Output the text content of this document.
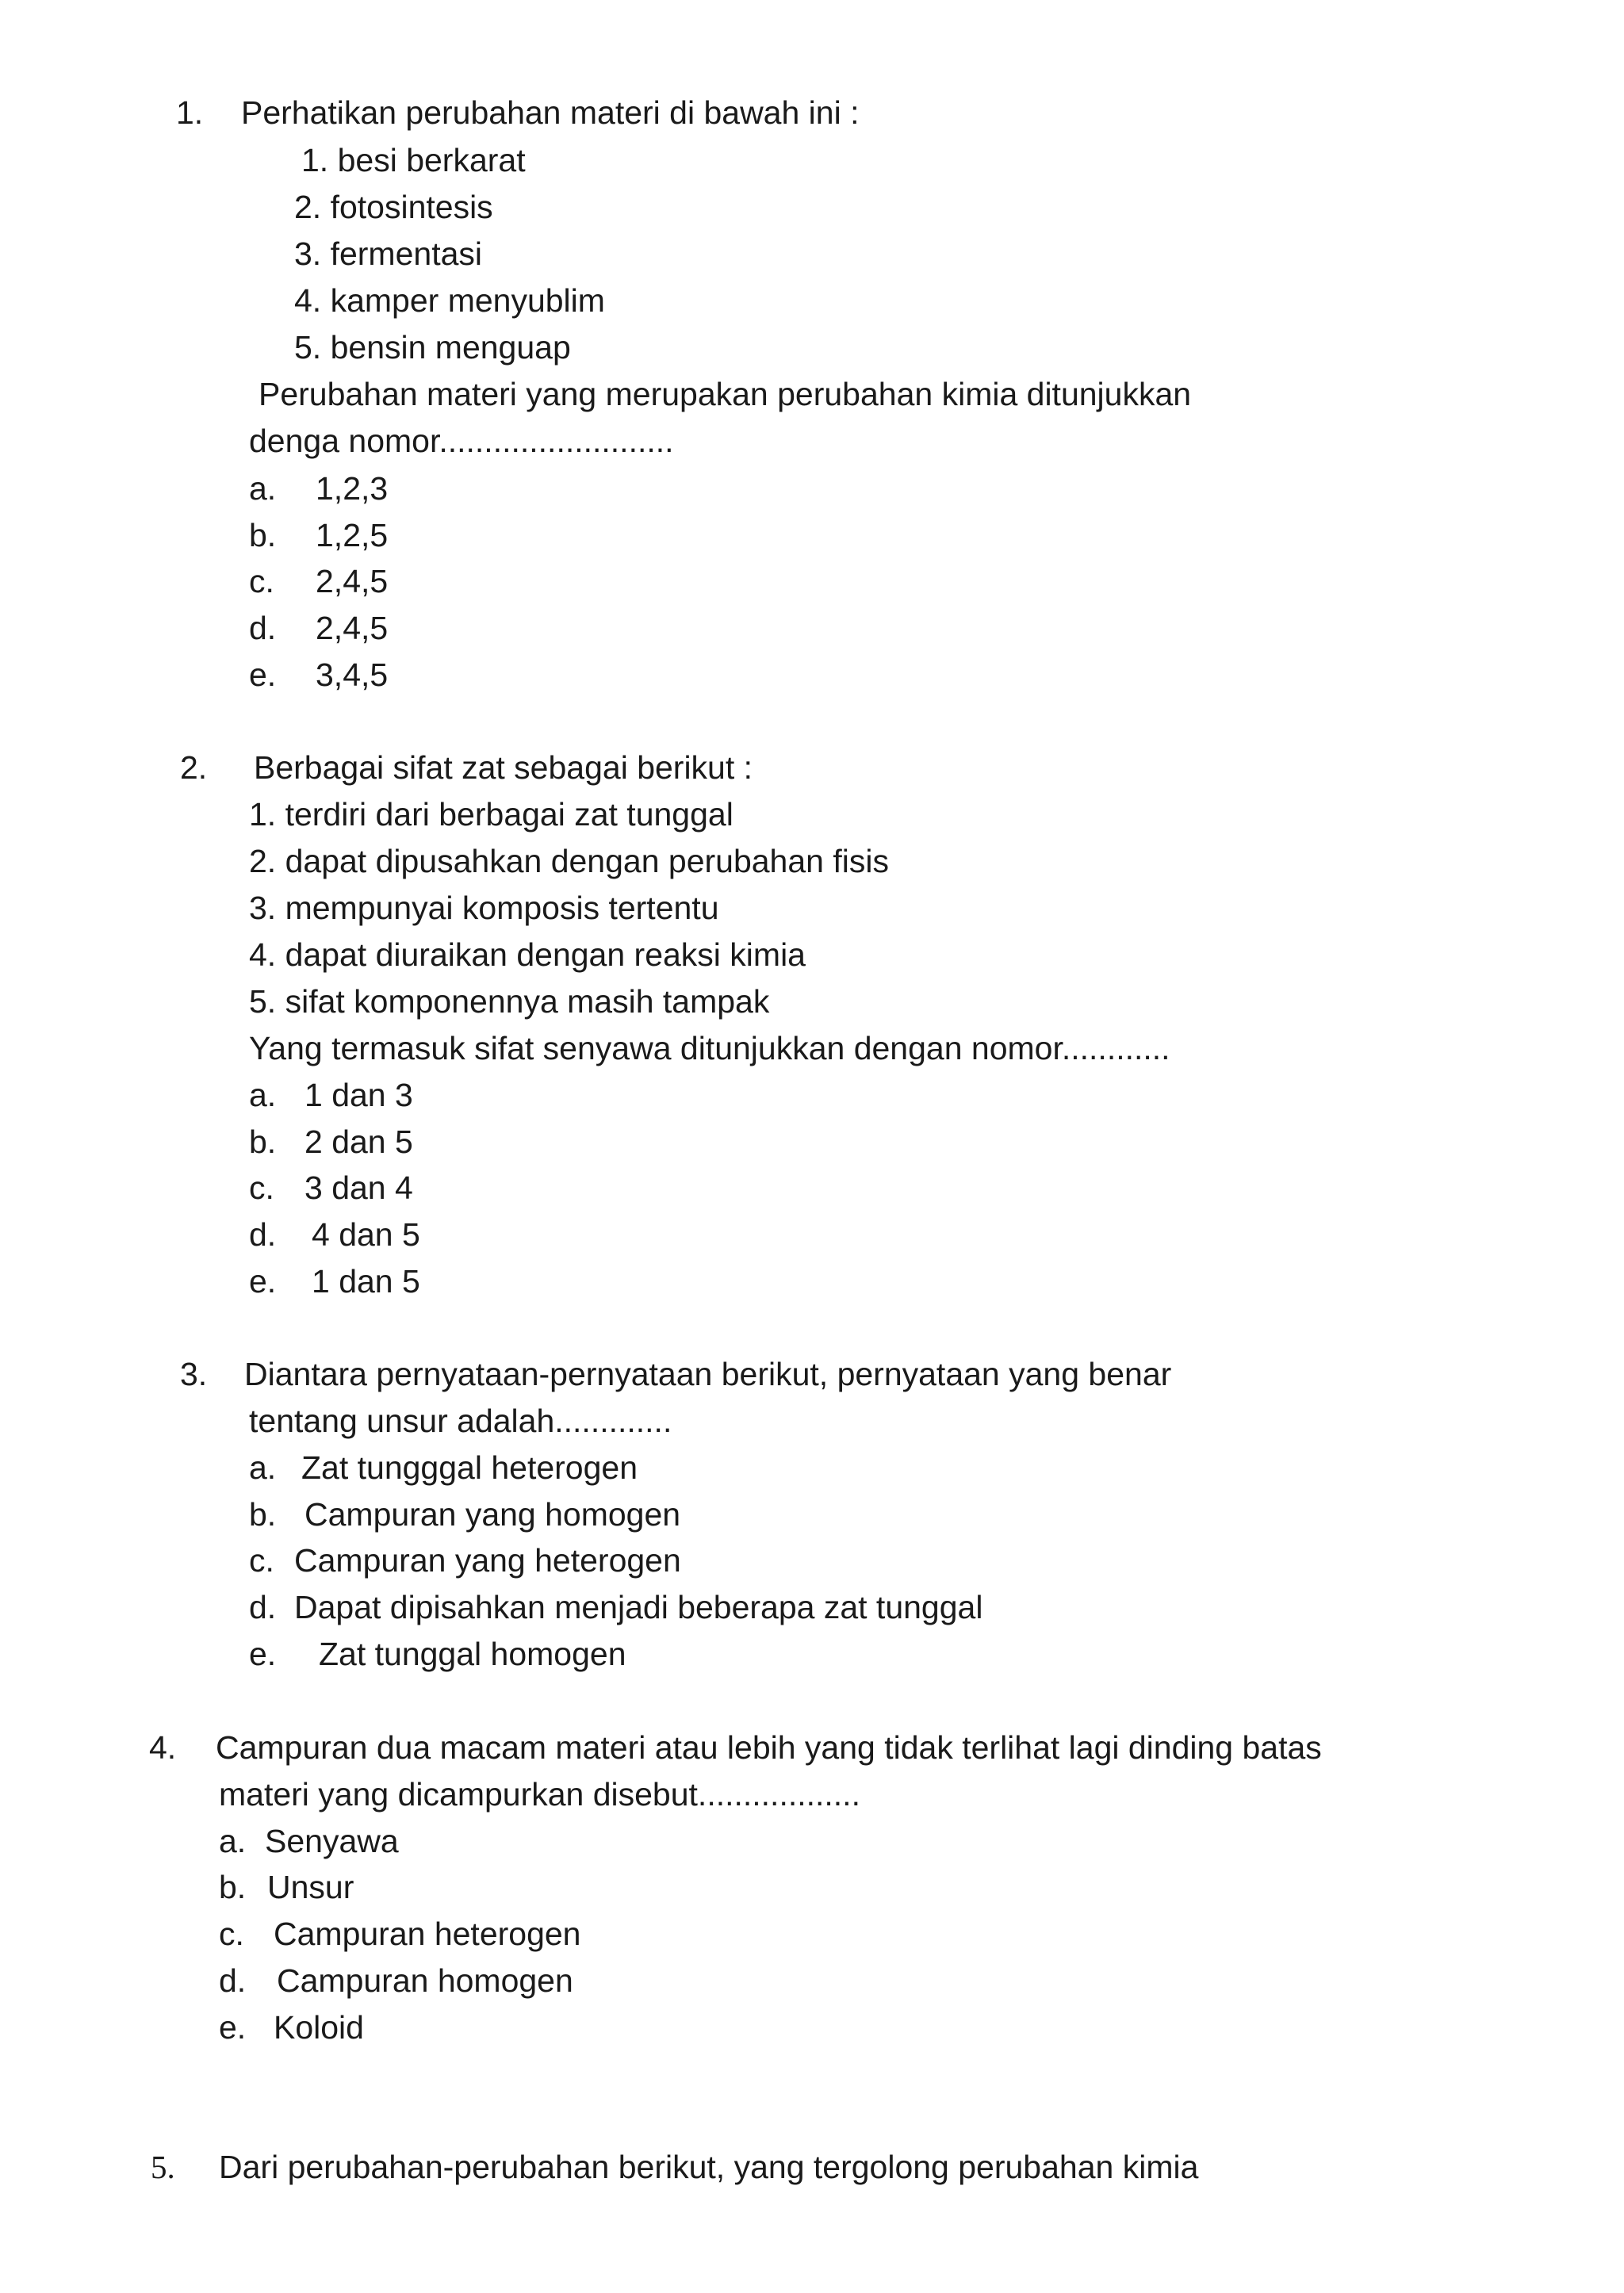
1. Perhatikan perubahan materi di bawah ini :
1. besi berkarat
2. fotosintesis
3. fermentasi
4. kamper menyublim
5. bensin menguap
Perubahan materi yang merupakan perubahan kimia ditunjukkan
denga nomor..........................
a. 1,2,3
b. 1,2,5
c. 2,4,5
d. 2,4,5
e. 3,4,5
2. Berbagai sifat zat sebagai berikut :
1. terdiri dari berbagai zat tunggal
2. dapat dipusahkan dengan perubahan fisis
3. mempunyai komposis tertentu
4. dapat diuraikan dengan reaksi kimia
5. sifat komponennya masih tampak
Yang termasuk sifat senyawa ditunjukkan dengan nomor............
a. 1 dan 3
b. 2 dan 5
c. 3 dan 4
d. 4 dan 5
e. 1 dan 5
3. Diantara pernyataan-pernyataan berikut, pernyataan yang benar
tentang unsur adalah.............
a. Zat tungggal heterogen
b. Campuran yang homogen
c. Campuran yang heterogen
d. Dapat dipisahkan menjadi beberapa zat tunggal
e. Zat tunggal homogen
4. Campuran dua macam materi atau lebih yang tidak terlihat lagi dinding batas
materi yang dicampurkan disebut..................
a. Senyawa
b. Unsur
c. Campuran heterogen
d. Campuran homogen
e. Koloid
5. Dari perubahan-perubahan berikut, yang tergolong perubahan kimia
